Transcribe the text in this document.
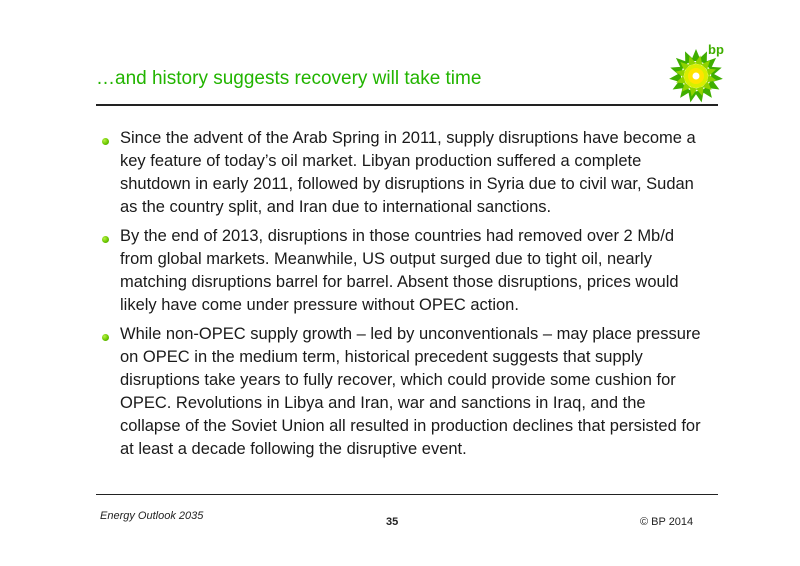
…and history suggests recovery will take time
bp
Since the advent of the Arab Spring in 2011, supply disruptions have become a key feature of today’s oil market. Libyan production suffered a complete shutdown in early 2011, followed by disruptions in Syria due to civil war, Sudan as the country split, and Iran due to international sanctions.
By the end of 2013, disruptions in those countries had removed over 2 Mb/d from global markets. Meanwhile, US output surged due to tight oil, nearly matching disruptions barrel for barrel. Absent those disruptions, prices would likely have come under pressure without OPEC action.
While non-OPEC supply growth – led by unconventionals – may place pressure on OPEC in the medium term, historical precedent suggests that supply disruptions take years to fully recover, which could provide some cushion for OPEC. Revolutions in Libya and Iran, war and sanctions in Iraq, and the collapse of the Soviet Union all resulted in production declines that persisted for at least a decade following the disruptive event.
Energy Outlook 2035	35	© BP 2014
